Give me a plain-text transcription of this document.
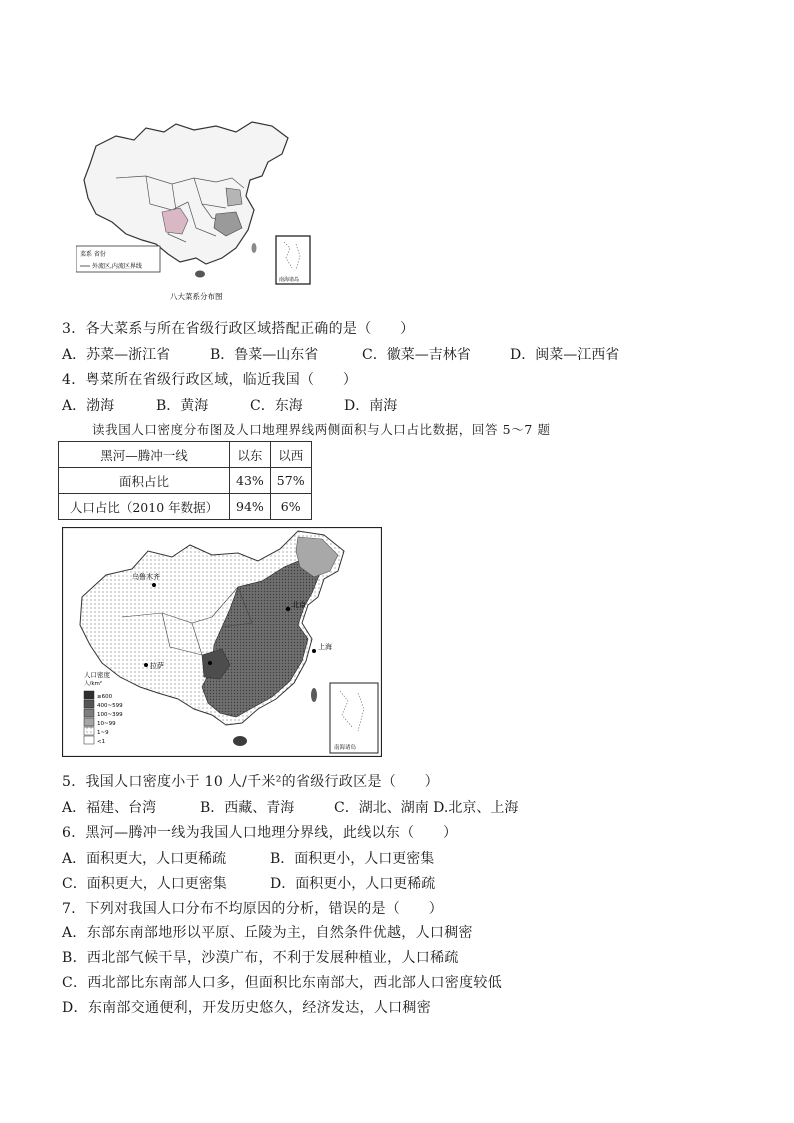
菜系 省份
外流区,内流区界线
南海诸岛
八大菜系分布图
3．各大菜系与所在省级行政区域搭配正确的是（　　）
A．苏菜—浙江省	B．鲁菜—山东省	C．徽菜—吉林省	D．闽菜—江西省
4．粤菜所在省级行政区域，临近我国（　　）
A．渤海	B．黄海	C．东海	D．南海
读我国人口密度分布图及人口地理界线两侧面积与人口占比数据，回答 5～7 题
黑河—腾冲一线	以东	以西
面积占比	43%	57%
人口占比（2010 年数据）	94%	6%
乌鲁木齐
北京
上海
成都
拉萨
人口密度
人/km²
≥600
400~599
100~399
10~99
1~9
<1
南海诸岛
5．我国人口密度小于 10 人/千米²的省级行政区是（　　）
A．福建、台湾	B．西藏、青海	C．湖北、湖南 D.北京、上海
6．黑河—腾冲一线为我国人口地理分界线，此线以东（　　）
A．面积更大，人口更稀疏	B．面积更小，人口更密集
C．面积更大，人口更密集	D．面积更小，人口更稀疏
7．下列对我国人口分布不均原因的分析，错误的是（　　）
A．东部东南部地形以平原、丘陵为主，自然条件优越，人口稠密
B．西北部气候干旱，沙漠广布，不利于发展种植业，人口稀疏
C．西北部比东南部人口多，但面积比东南部大，西北部人口密度较低
D．东南部交通便利，开发历史悠久，经济发达，人口稠密
